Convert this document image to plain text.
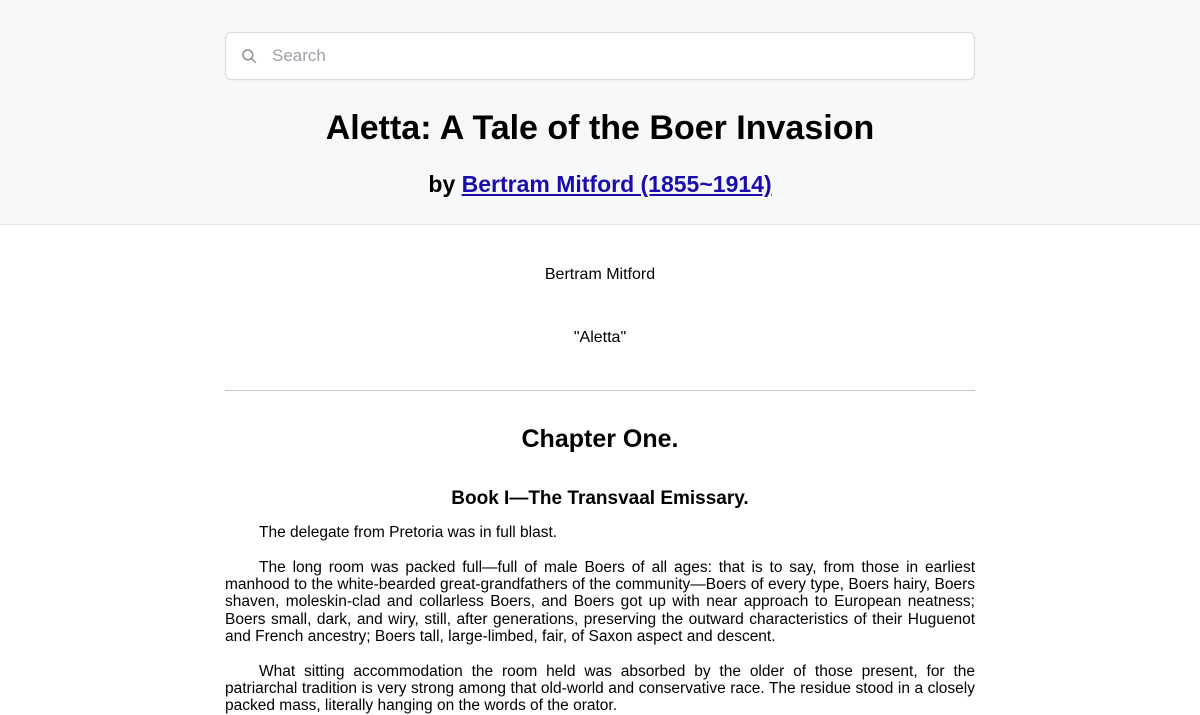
Search
Aletta: A Tale of the Boer Invasion
by Bertram Mitford (1855~1914)

Bertram Mitford

"Aletta"

Chapter One.
Book I—The Transvaal Emissary.

The delegate from Pretoria was in full blast.

The long room was packed full—full of male Boers of all ages: that is to say, from those in earliest manhood to the white-bearded great-grandfathers of the community—Boers of every type, Boers hairy, Boers shaven, moleskin-clad and collarless Boers, and Boers got up with near approach to European neatness; Boers small, dark, and wiry, still, after generations, preserving the outward characteristics of their Huguenot and French ancestry; Boers tall, large-limbed, fair, of Saxon aspect and descent.

What sitting accommodation the room held was absorbed by the older of those present, for the patriarchal tradition is very strong among that old-world and conservative race. The residue stood in a closely packed mass, literally hanging on the words of the orator.
